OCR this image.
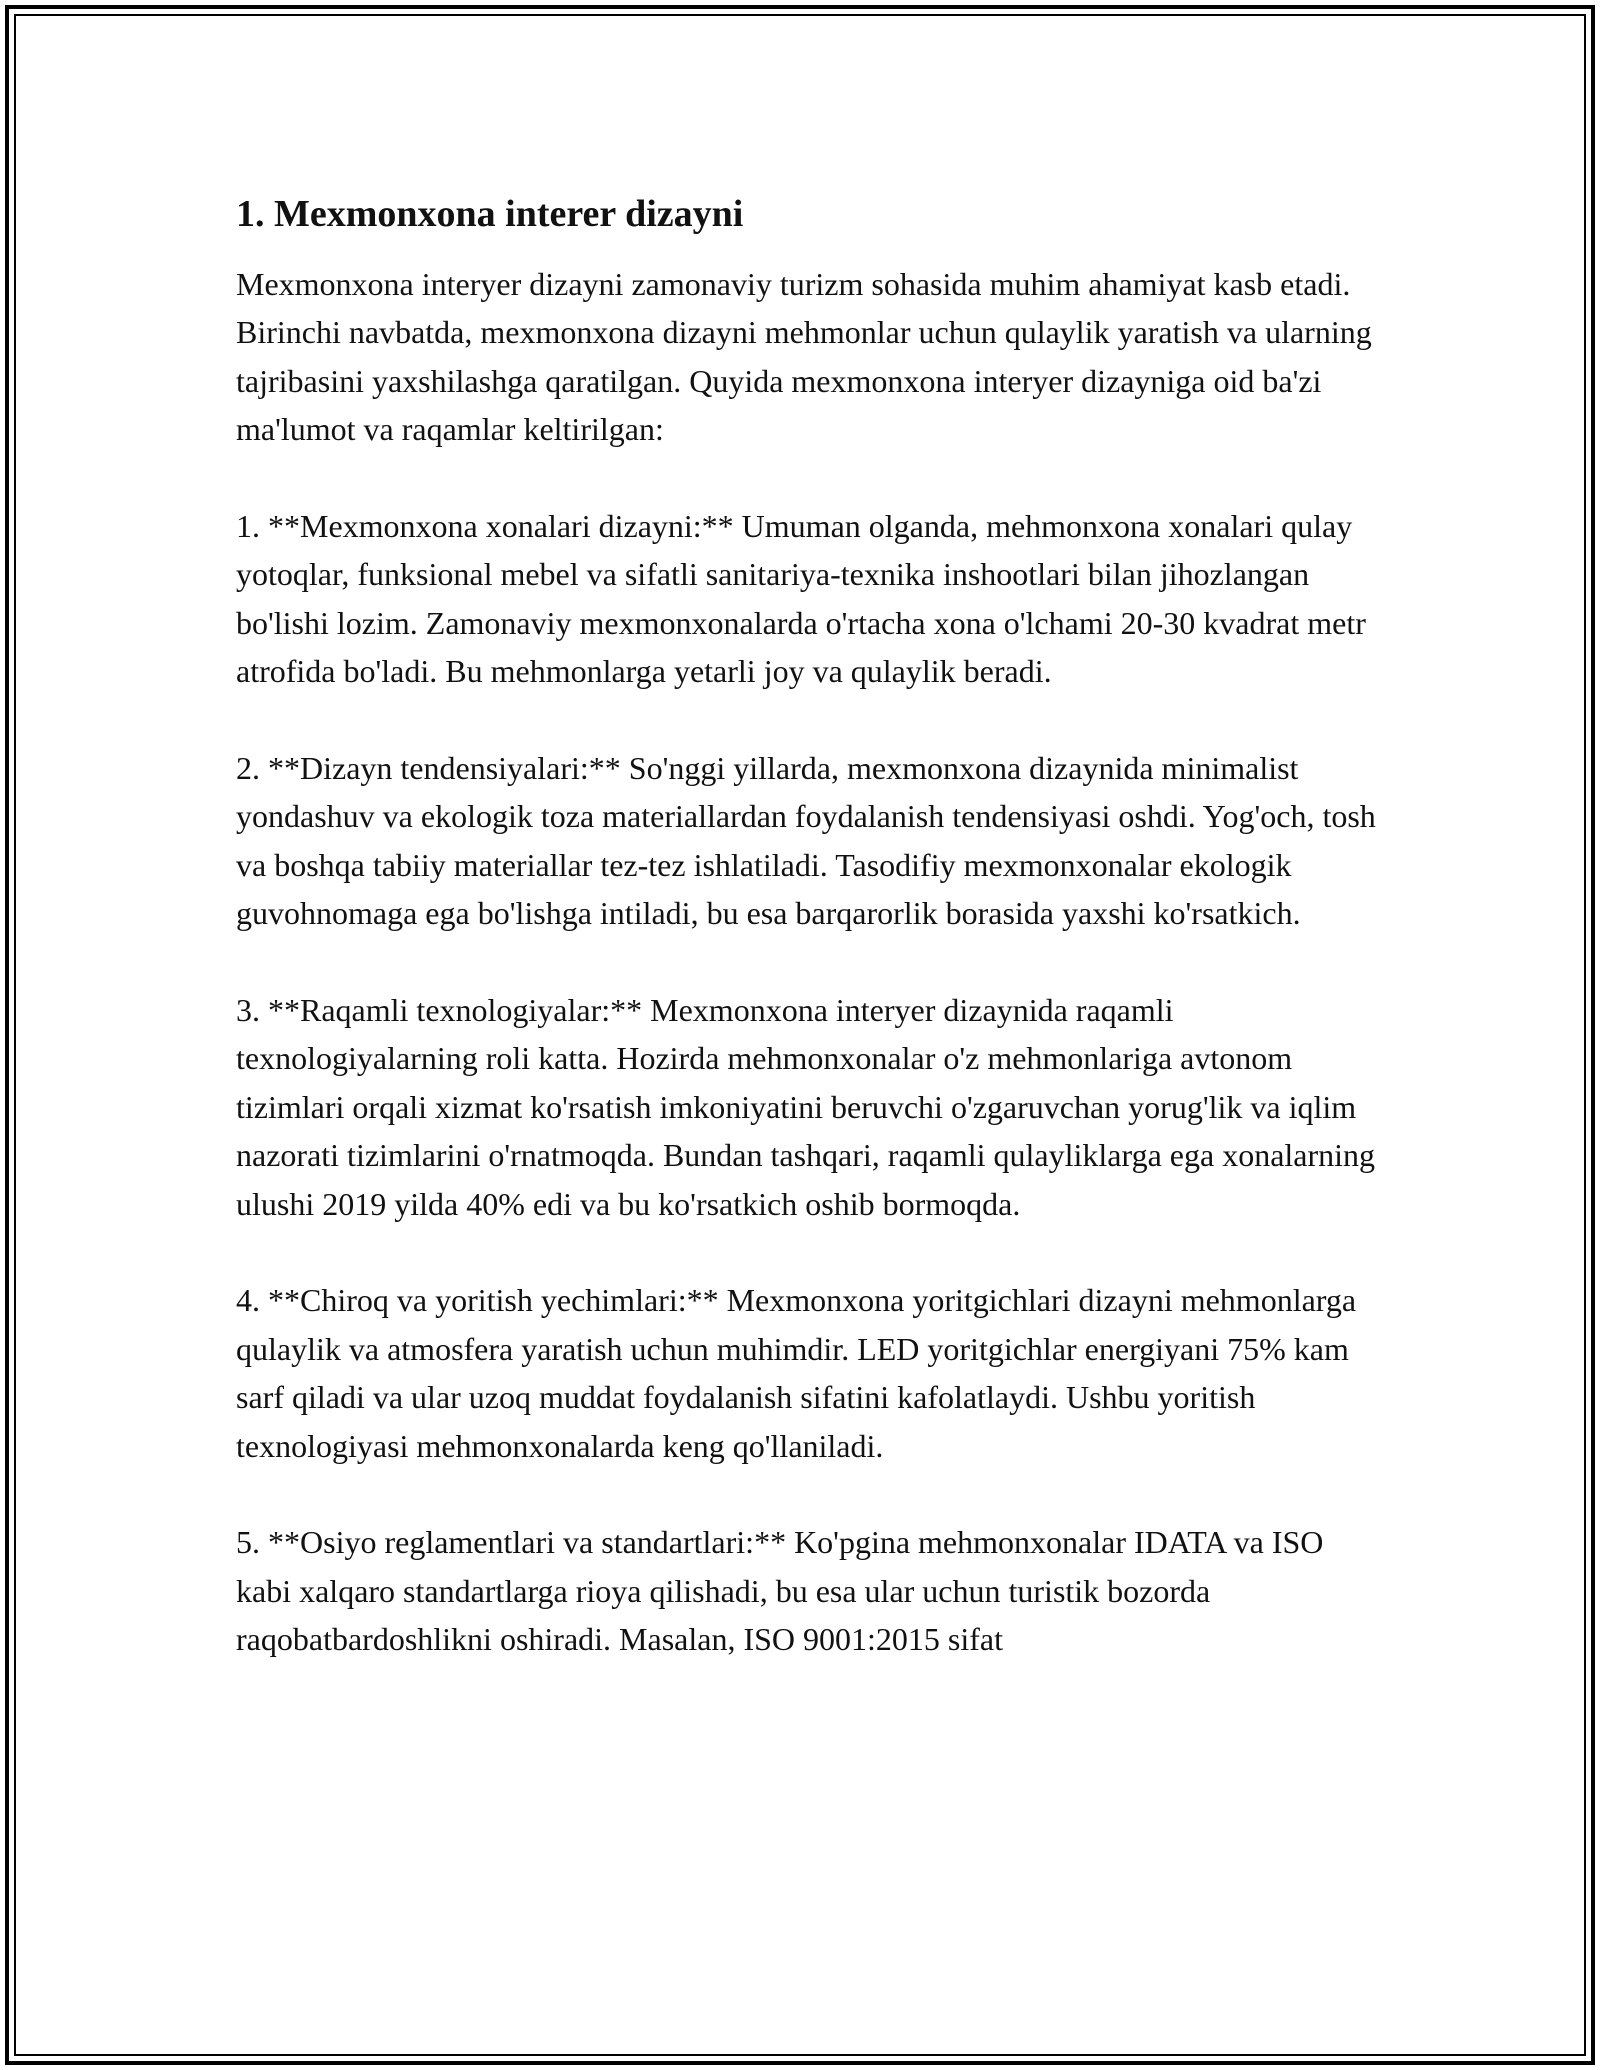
1. Mexmonxona interer dizayni

Mexmonxona interyer dizayni zamonaviy turizm sohasida muhim ahamiyat kasb etadi. Birinchi navbatda, mexmonxona dizayni mehmonlar uchun qulaylik yaratish va ularning tajribasini yaxshilashga qaratilgan. Quyida mexmonxona interyer dizayniga oid ba'zi ma'lumot va raqamlar keltirilgan:

1. **Mexmonxona xonalari dizayni:** Umuman olganda, mehmonxona xonalari qulay yotoqlar, funksional mebel va sifatli sanitariya-texnika inshootlari bilan jihozlangan bo'lishi lozim. Zamonaviy mexmonxonalarda o'rtacha xona o'lchami 20-30 kvadrat metr atrofida bo'ladi. Bu mehmonlarga yetarli joy va qulaylik beradi.

2. **Dizayn tendensiyalari:** So'nggi yillarda, mexmonxona dizaynida minimalist yondashuv va ekologik toza materiallardan foydalanish tendensiyasi oshdi. Yog'och, tosh va boshqa tabiiy materiallar tez-tez ishlatiladi. Tasodifiy mexmonxonalar ekologik guvohnomaga ega bo'lishga intiladi, bu esa barqarorlik borasida yaxshi ko'rsatkich.

3. **Raqamli texnologiyalar:** Mexmonxona interyer dizaynida raqamli texnologiyalarning roli katta. Hozirda mehmonxonalar o'z mehmonlariga avtonom tizimlari orqali xizmat ko'rsatish imkoniyatini beruvchi o'zgaruvchan yorug'lik va iqlim nazorati tizimlarini o'rnatmoqda. Bundan tashqari, raqamli qulayliklarga ega xonalarning ulushi 2019 yilda 40% edi va bu ko'rsatkich oshib bormoqda.

4. **Chiroq va yoritish yechimlari:** Mexmonxona yoritgichlari dizayni mehmonlarga qulaylik va atmosfera yaratish uchun muhimdir. LED yoritgichlar energiyani 75% kam sarf qiladi va ular uzoq muddat foydalanish sifatini kafolatlaydi. Ushbu yoritish texnologiyasi mehmonxonalarda keng qo'llaniladi.

5. **Osiyo reglamentlari va standartlari:** Ko'pgina mehmonxonalar IDATA va ISO kabi xalqaro standartlarga rioya qilishadi, bu esa ular uchun turistik bozorda raqobatbardoshlikni oshiradi. Masalan, ISO 9001:2015 sifat
